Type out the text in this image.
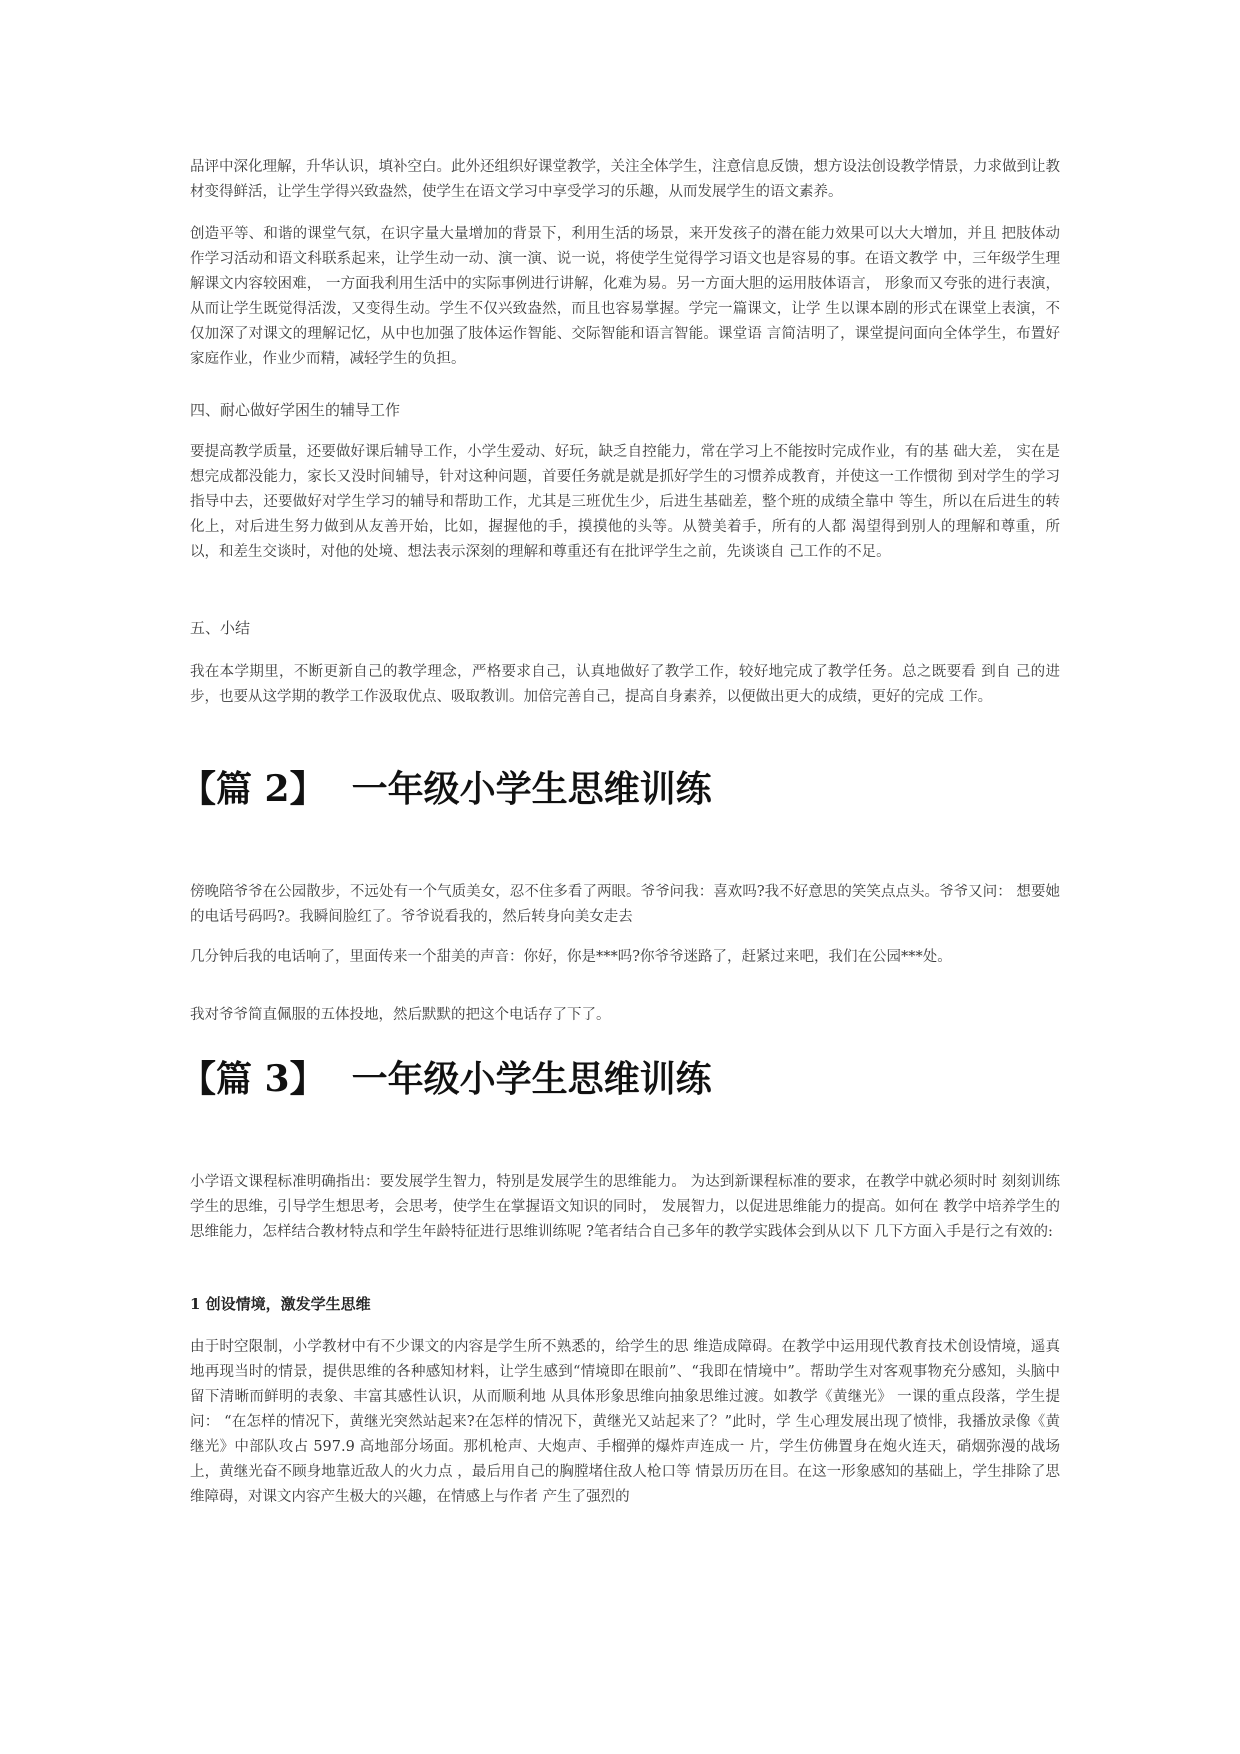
品评中深化理解，升华认识，填补空白。此外还组织好课堂教学，关注全体学生，注意信息反馈，想方设法创设教学情景，力求做到让教材变得鲜活，让学生学得兴致盎然，使学生在语文学习中享受学习的乐趣，从而发展学生的语文素养。

创造平等、和谐的课堂气氛，在识字量大量增加的背景下，利用生活的场景，来开发孩子的潜在能力效果可以大大增加，并且 把肢体动作学习活动和语文科联系起来，让学生动一动、演一演、说一说，将使学生觉得学习语文也是容易的事。在语文教学 中，三年级学生理解课文内容较困难， 一方面我利用生活中的实际事例进行讲解，化难为易。另一方面大胆的运用肢体语言， 形象而又夸张的进行表演，从而让学生既觉得活泼，又变得生动。学生不仅兴致盎然，而且也容易掌握。学完一篇课文，让学 生以课本剧的形式在课堂上表演，不仅加深了对课文的理解记忆，从中也加强了肢体运作智能、交际智能和语言智能。课堂语 言简洁明了，课堂提问面向全体学生，布置好家庭作业，作业少而精，减轻学生的负担。

四、耐心做好学困生的辅导工作

要提高教学质量，还要做好课后辅导工作，小学生爱动、好玩，缺乏自控能力，常在学习上不能按时完成作业，有的基 础大差， 实在是想完成都没能力，家长又没时间辅导，针对这种问题，首要任务就是就是抓好学生的习惯养成教育，并使这一工作惯彻 到对学生的学习指导中去，还要做好对学生学习的辅导和帮助工作，尤其是三班优生少，后进生基础差，整个班的成绩全靠中 等生，所以在后进生的转化上，对后进生努力做到从友善开始，比如，握握他的手，摸摸他的头等。从赞美着手，所有的人都 渴望得到别人的理解和尊重，所以，和差生交谈时，对他的处境、想法表示深刻的理解和尊重还有在批评学生之前，先谈谈自 己工作的不足。

五、小结

我在本学期里，不断更新自己的教学理念，严格要求自己，认真地做好了教学工作，较好地完成了教学任务。总之既要看 到自 己的进步，也要从这学期的教学工作汲取优点、吸取教训。加倍完善自己，提高自身素养，以便做出更大的成绩，更好的完成 工作。

【篇 2】 一年级小学生思维训练

傍晚陪爷爷在公园散步，不远处有一个气质美女，忍不住多看了两眼。爷爷问我：喜欢吗?我不好意思的笑笑点点头。爷爷又问： 想要她的电话号码吗?。我瞬间脸红了。爷爷说看我的，然后转身向美女走去

几分钟后我的电话响了，里面传来一个甜美的声音：你好，你是***吗?你爷爷迷路了，赶紧过来吧，我们在公园***处。

我对爷爷简直佩服的五体投地，然后默默的把这个电话存了下了。

【篇 3】 一年级小学生思维训练

小学语文课程标准明确指出：要发展学生智力，特别是发展学生的思维能力。 为达到新课程标准的要求，在教学中就必须时时 刻刻训练学生的思维，引导学生想思考，会思考，使学生在掌握语文知识的同时， 发展智力，以促进思维能力的提高。如何在 教学中培养学生的思维能力，怎样结合教材特点和学生年龄特征进行思维训练呢 ?笔者结合自己多年的教学实践体会到从以下 几下方面入手是行之有效的:

1 创设情境，激发学生思维

由于时空限制，小学教材中有不少课文的内容是学生所不熟悉的，给学生的思 维造成障碍。在教学中运用现代教育技术创设情境，遥真地再现当时的情景，提供思维的各种感知材料，让学生感到“情境即在眼前”、“我即在情境中”。帮助学生对客观事物充分感知，头脑中留下清晰而鲜明的表象、丰富其感性认识，从而顺利地 从具体形象思维向抽象思维过渡。如教学《黄继光》 一课的重点段落，学生提问： “在怎样的情况下，黄继光突然站起来?在怎样的情况下，黄继光又站起来了？”此时，学 生心理发展出现了愤悱，我播放录像《黄继光》中部队攻占 597.9 高地部分场面。那机枪声、大炮声、手榴弹的爆炸声连成一 片，学生仿佛置身在炮火连天，硝烟弥漫的战场上，黄继光奋不顾身地靠近敌人的火力点 ，最后用自己的胸膛堵住敌人枪口等 情景历历在目。在这一形象感知的基础上，学生排除了思维障碍，对课文内容产生极大的兴趣，在情感上与作者 产生了强烈的
